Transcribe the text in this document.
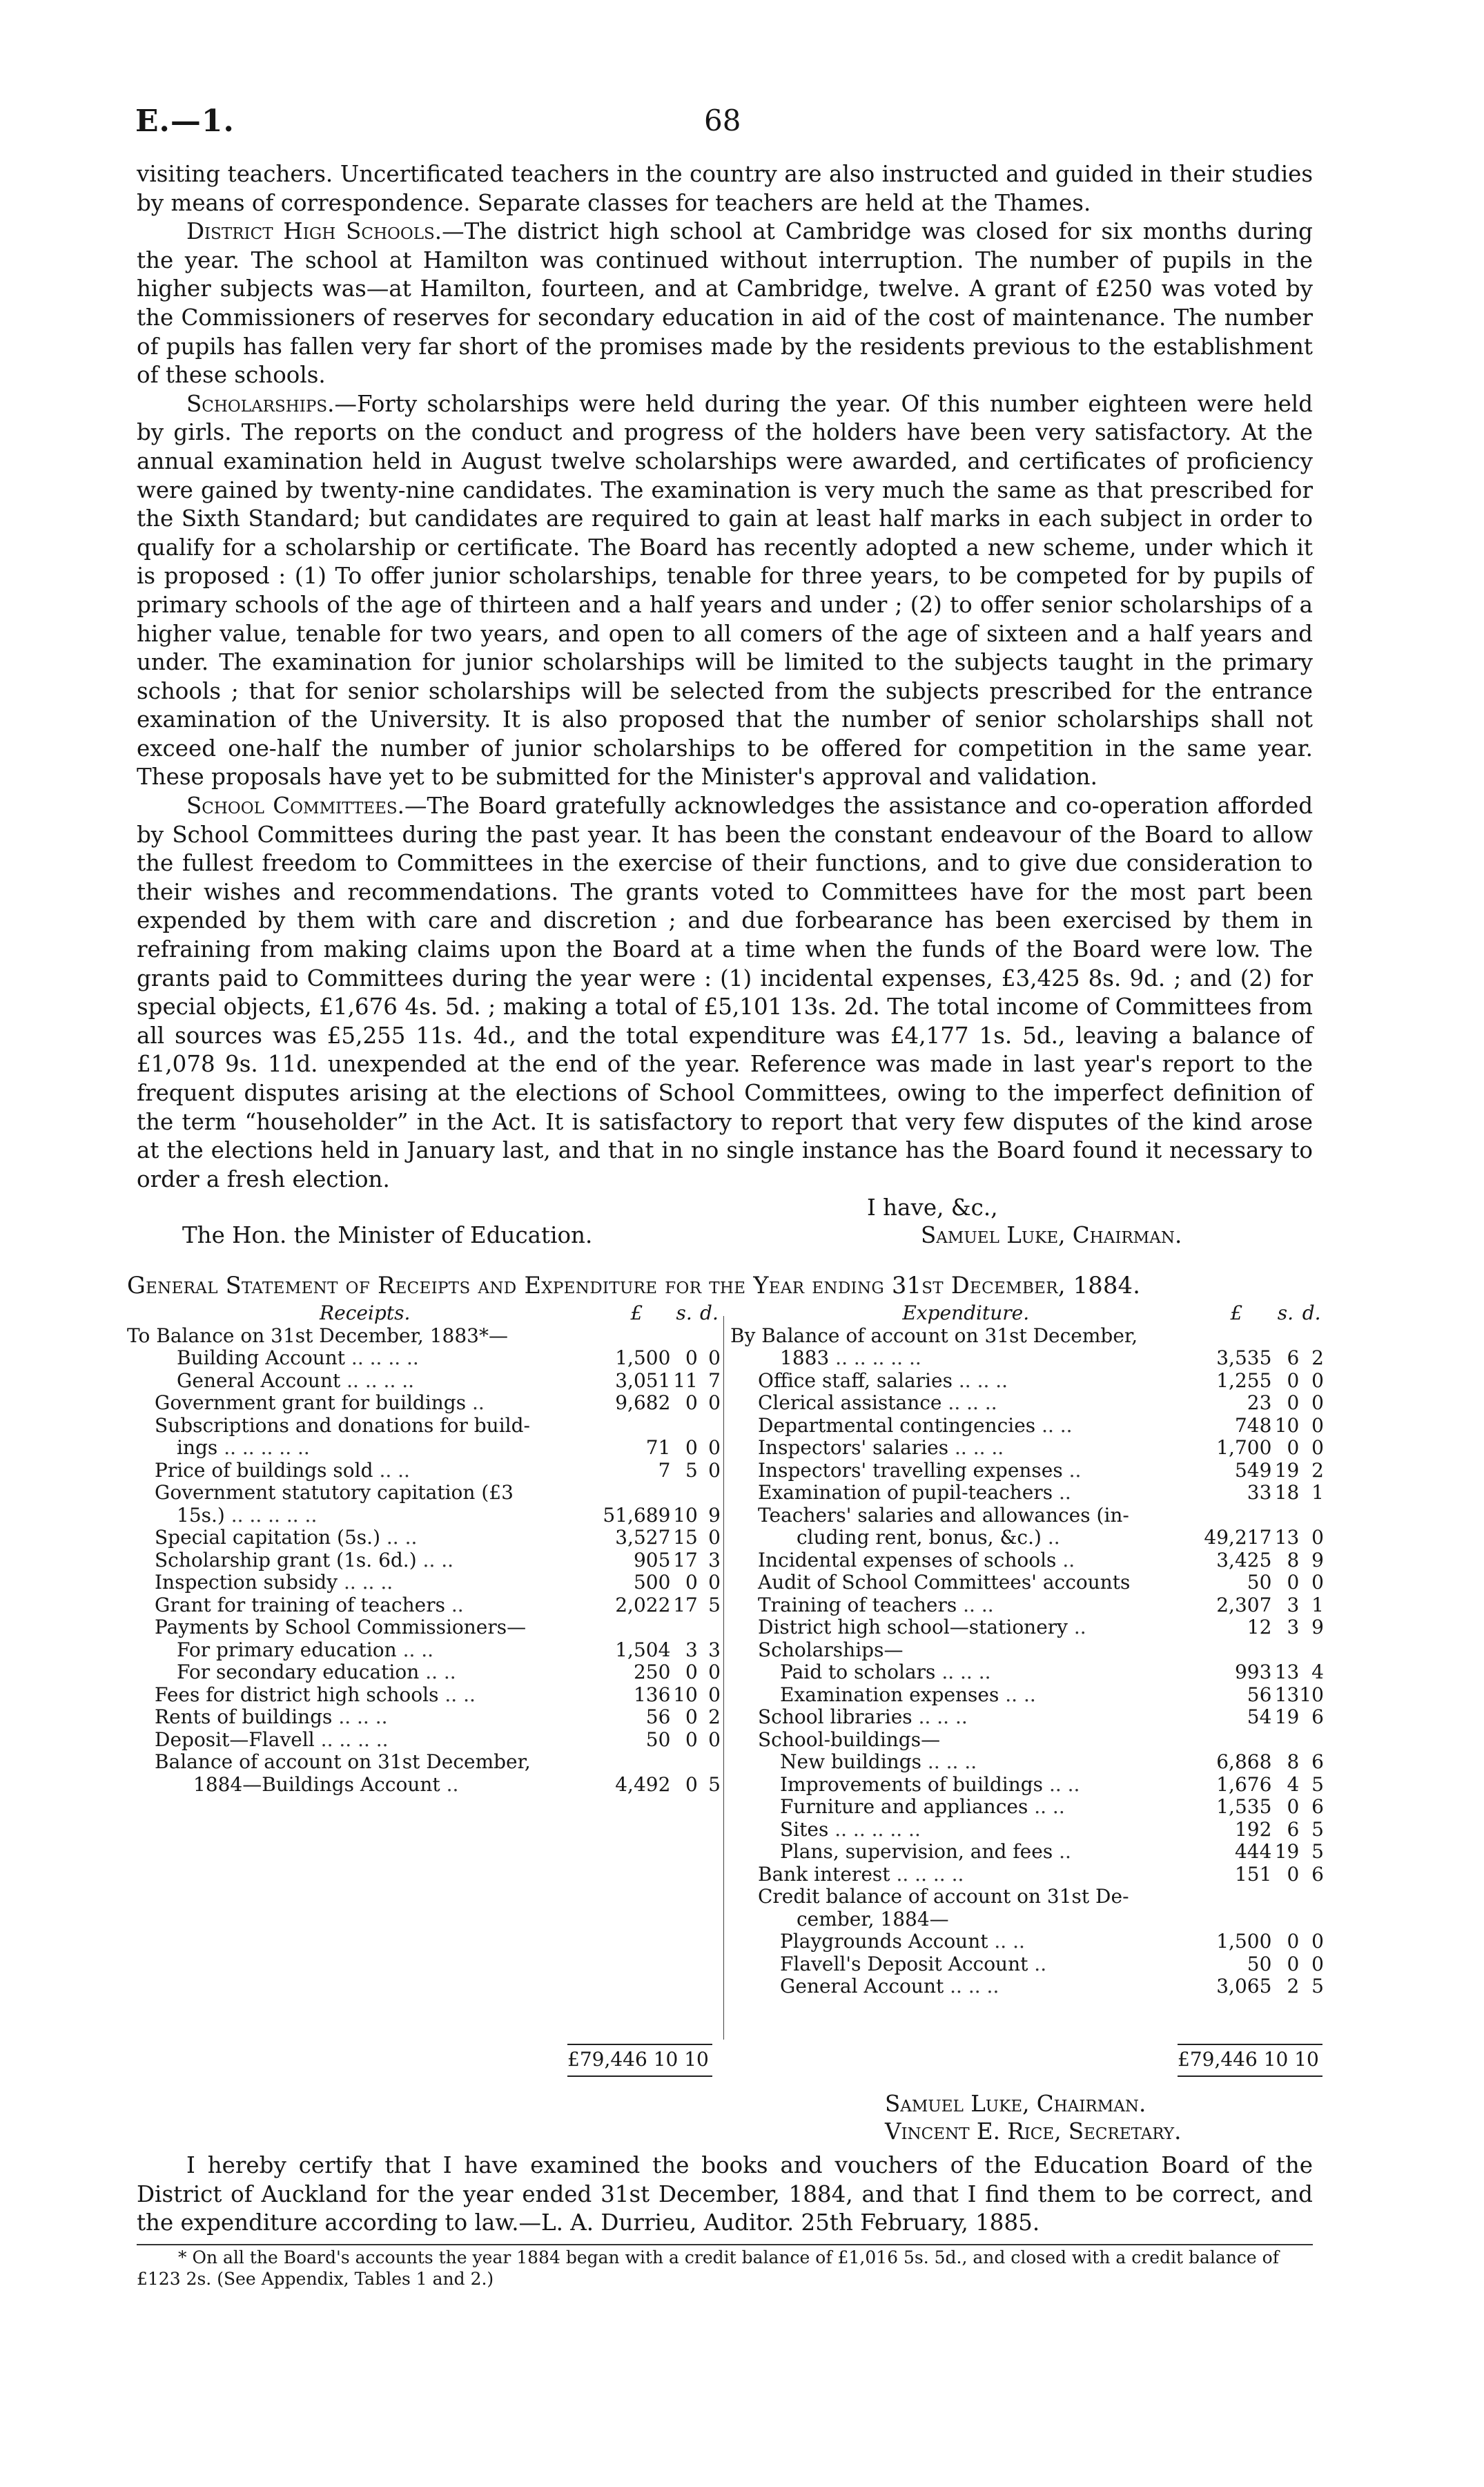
E.—1.	68

visiting teachers. Uncertificated teachers in the country are also instructed and guided in their studies by means of correspondence. Separate classes for teachers are held at the Thames.

District High Schools.—The district high school at Cambridge was closed for six months during the year. The school at Hamilton was continued without interruption. The number of pupils in the higher subjects was—at Hamilton, fourteen, and at Cambridge, twelve. A grant of £250 was voted by the Commissioners of reserves for secondary education in aid of the cost of maintenance. The number of pupils has fallen very far short of the promises made by the residents previous to the establishment of these schools.

Scholarships.—Forty scholarships were held during the year. Of this number eighteen were held by girls. The reports on the conduct and progress of the holders have been very satisfactory. At the annual examination held in August twelve scholarships were awarded, and certificates of proficiency were gained by twenty-nine candidates. The examination is very much the same as that prescribed for the Sixth Standard; but candidates are required to gain at least half marks in each subject in order to qualify for a scholarship or certificate. The Board has recently adopted a new scheme, under which it is proposed : (1) To offer junior scholarships, tenable for three years, to be competed for by pupils of primary schools of the age of thirteen and a half years and under ; (2) to offer senior scholarships of a higher value, tenable for two years, and open to all comers of the age of sixteen and a half years and under. The examination for junior scholarships will be limited to the subjects taught in the primary schools ; that for senior scholarships will be selected from the subjects prescribed for the entrance examination of the University. It is also proposed that the number of senior scholarships shall not exceed one-half the number of junior scholarships to be offered for competition in the same year. These proposals have yet to be submitted for the Minister's approval and validation.

School Committees.—The Board gratefully acknowledges the assistance and co-operation afforded by School Committees during the past year. It has been the constant endeavour of the Board to allow the fullest freedom to Committees in the exercise of their functions, and to give due consideration to their wishes and recommendations. The grants voted to Committees have for the most part been expended by them with care and discretion ; and due forbearance has been exercised by them in refraining from making claims upon the Board at a time when the funds of the Board were low. The grants paid to Committees during the year were : (1) incidental expenses, £3,425 8s. 9d. ; and (2) for special objects, £1,676 4s. 5d. ; making a total of £5,101 13s. 2d. The total income of Committees from all sources was £5,255 11s. 4d., and the total expenditure was £4,177 1s. 5d., leaving a balance of £1,078 9s. 11d. unexpended at the end of the year. Reference was made in last year's report to the frequent disputes arising at the elections of School Committees, owing to the imperfect definition of the term “householder” in the Act. It is satisfactory to report that very few disputes of the kind arose at the elections held in January last, and that in no single instance has the Board found it necessary to order a fresh election.

I have, &c.,
The Hon. the Minister of Education.	Samuel Luke, Chairman.
General Statement of Receipts and Expenditure for the Year ending 31st December, 1884.
Receipts.	£	s.	d.
To Balance on 31st December, 1883*—			
Building Account .. .. .. ..	1,500	0	0
General Account .. .. .. ..	3,051	11	7
Government grant for buildings ..	9,682	0	0
Subscriptions and donations for build-			
ings .. .. .. .. ..	71	0	0
Price of buildings sold .. ..	7	5	0
Government statutory capitation (£3			
15s.) .. .. .. .. ..	51,689	10	9
Special capitation (5s.) .. ..	3,527	15	0
Scholarship grant (1s. 6d.) .. ..	905	17	3
Inspection subsidy .. .. ..	500	0	0
Grant for training of teachers ..	2,022	17	5
Payments by School Commissioners—			
For primary education .. ..	1,504	3	3
For secondary education .. ..	250	0	0
Fees for district high schools .. ..	136	10	0
Rents of buildings .. .. ..	56	0	2
Deposit—Flavell .. .. .. ..	50	0	0
Balance of account on 31st December,			
1884—Buildings Account ..	4,492	0	5
Expenditure.	£	s.	d.
By Balance of account on 31st December,			
1883 .. .. .. .. ..	3,535	6	2
Office staff, salaries .. .. ..	1,255	0	0
Clerical assistance .. .. ..	23	0	0
Departmental contingencies .. ..	748	10	0
Inspectors' salaries .. .. ..	1,700	0	0
Inspectors' travelling expenses ..	549	19	2
Examination of pupil-teachers ..	33	18	1
Teachers' salaries and allowances (in-			
cluding rent, bonus, &c.) ..	49,217	13	0
Incidental expenses of schools ..	3,425	8	9
Audit of School Committees' accounts	50	0	0
Training of teachers .. ..	2,307	3	1
District high school—stationery ..	12	3	9
Scholarships—			
Paid to scholars .. .. ..	993	13	4
Examination expenses .. ..	56	13	10
School libraries .. .. ..	54	19	6
School-buildings—			
New buildings .. .. ..	6,868	8	6
Improvements of buildings .. ..	1,676	4	5
Furniture and appliances .. ..	1,535	0	6
Sites .. .. .. .. ..	192	6	5
Plans, supervision, and fees ..	444	19	5
Bank interest .. .. .. ..	151	0	6
Credit balance of account on 31st De-			
cember, 1884—			
Playgrounds Account .. ..	1,500	0	0
Flavell's Deposit Account ..	50	0	0
General Account .. .. ..	3,065	2	5
£79,446 10 10	£79,446 10 10
Samuel Luke, Chairman.
Vincent E. Rice, Secretary.

I hereby certify that I have examined the books and vouchers of the Education Board of the District of Auckland for the year ended 31st December, 1884, and that I find them to be correct, and the expenditure according to law.—L. A. Durrieu, Auditor. 25th February, 1885.

* On all the Board's accounts the year 1884 began with a credit balance of £1,016 5s. 5d., and closed with a credit balance of £123 2s. (See Appendix, Tables 1 and 2.)
